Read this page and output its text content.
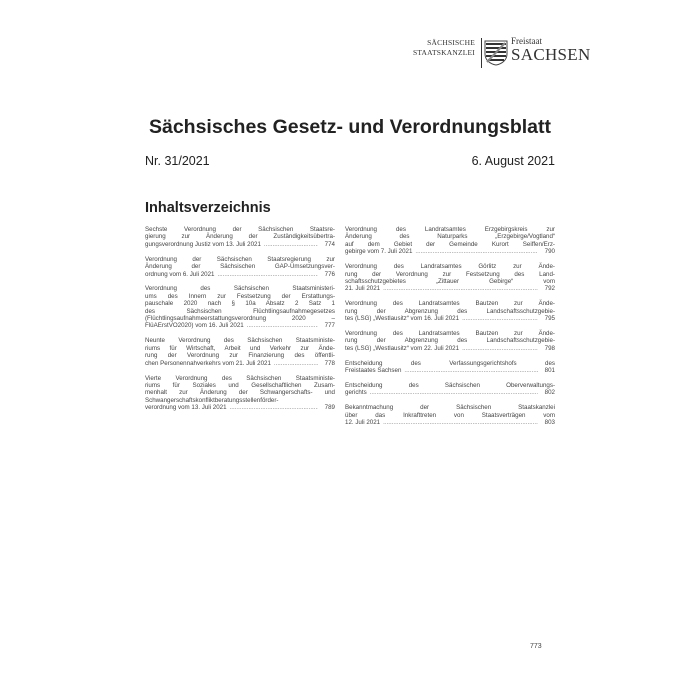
SÄCHSISCHE
STAATSKANZLEI
Freistaat
SACHSEN
Sächsisches Gesetz- und Verordnungsblatt
Nr. 31/2021	6. August 2021
Inhaltsverzeichnis
Sechste Verordnung der Sächsischen Staatsre-
gierung zur Änderung der Zuständigkeitsübertra-
gungsverordnung Justiz vom 13. Juli 2021 .....	774
Verordnung der Sächsischen Staatsregierung zur
Änderung der Sächsischen GAP-Umsetzungsver-
ordnung vom 6. Juli 2021 .....	776
Verordnung des Sächsischen Staatsministeri-
ums des Innern zur Festsetzung der Erstattungs-
pauschale 2020 nach § 10a Absatz 2 Satz 1
des Sächsischen Flüchtlingsaufnahmegesetzes
(Flüchtlingsaufnahmeerstattungsverordnung 2020 –
FlüAErstVO2020) vom 16. Juli 2021 .....	777
Neunte Verordnung des Sächsischen Staatsministe-
riums für Wirtschaft, Arbeit und Verkehr zur Ände-
rung der Verordnung zur Finanzierung des öffentli-
chen Personennahverkehrs vom 21. Juli 2021 .....	778
Vierte Verordnung des Sächsischen Staatsministe-
riums für Soziales und Gesellschaftlichen Zusam-
menhalt zur Änderung der Schwangerschafts- und
Schwangerschaftskonfliktberatungsstellenförder-
verordnung vom 13. Juli 2021 .....	789
Verordnung des Landratsamtes Erzgebirgskreis zur
Änderung des Naturparks „Erzgebirge/Vogtland“
auf dem Gebiet der Gemeinde Kurort Seiffen/Erz-
gebirge vom 7. Juli 2021 .....	790
Verordnung des Landratsamtes Görlitz zur Ände-
rung der Verordnung zur Festsetzung des Land-
schaftsschutzgebietes „Zittauer Gebirge“ vom
21. Juli 2021 .....	792
Verordnung des Landratsamtes Bautzen zur Ände-
rung der Abgrenzung des Landschaftsschutzgebie-
tes (LSG) „Westlausitz“ vom 16. Juli 2021 .....	795
Verordnung des Landratsamtes Bautzen zur Ände-
rung der Abgrenzung des Landschaftsschutzgebie-
tes (LSG) „Westlausitz“ vom 22. Juli 2021 .....	798
Entscheidung des Verfassungsgerichtshofs des
Freistaates Sachsen .....	801
Entscheidung des Sächsischen Oberverwaltungs-
gerichts .....	802
Bekanntmachung der Sächsischen Staatskanzlei
über das Inkrafttreten von Staatsverträgen vom
12. Juli 2021 .....	803
773
